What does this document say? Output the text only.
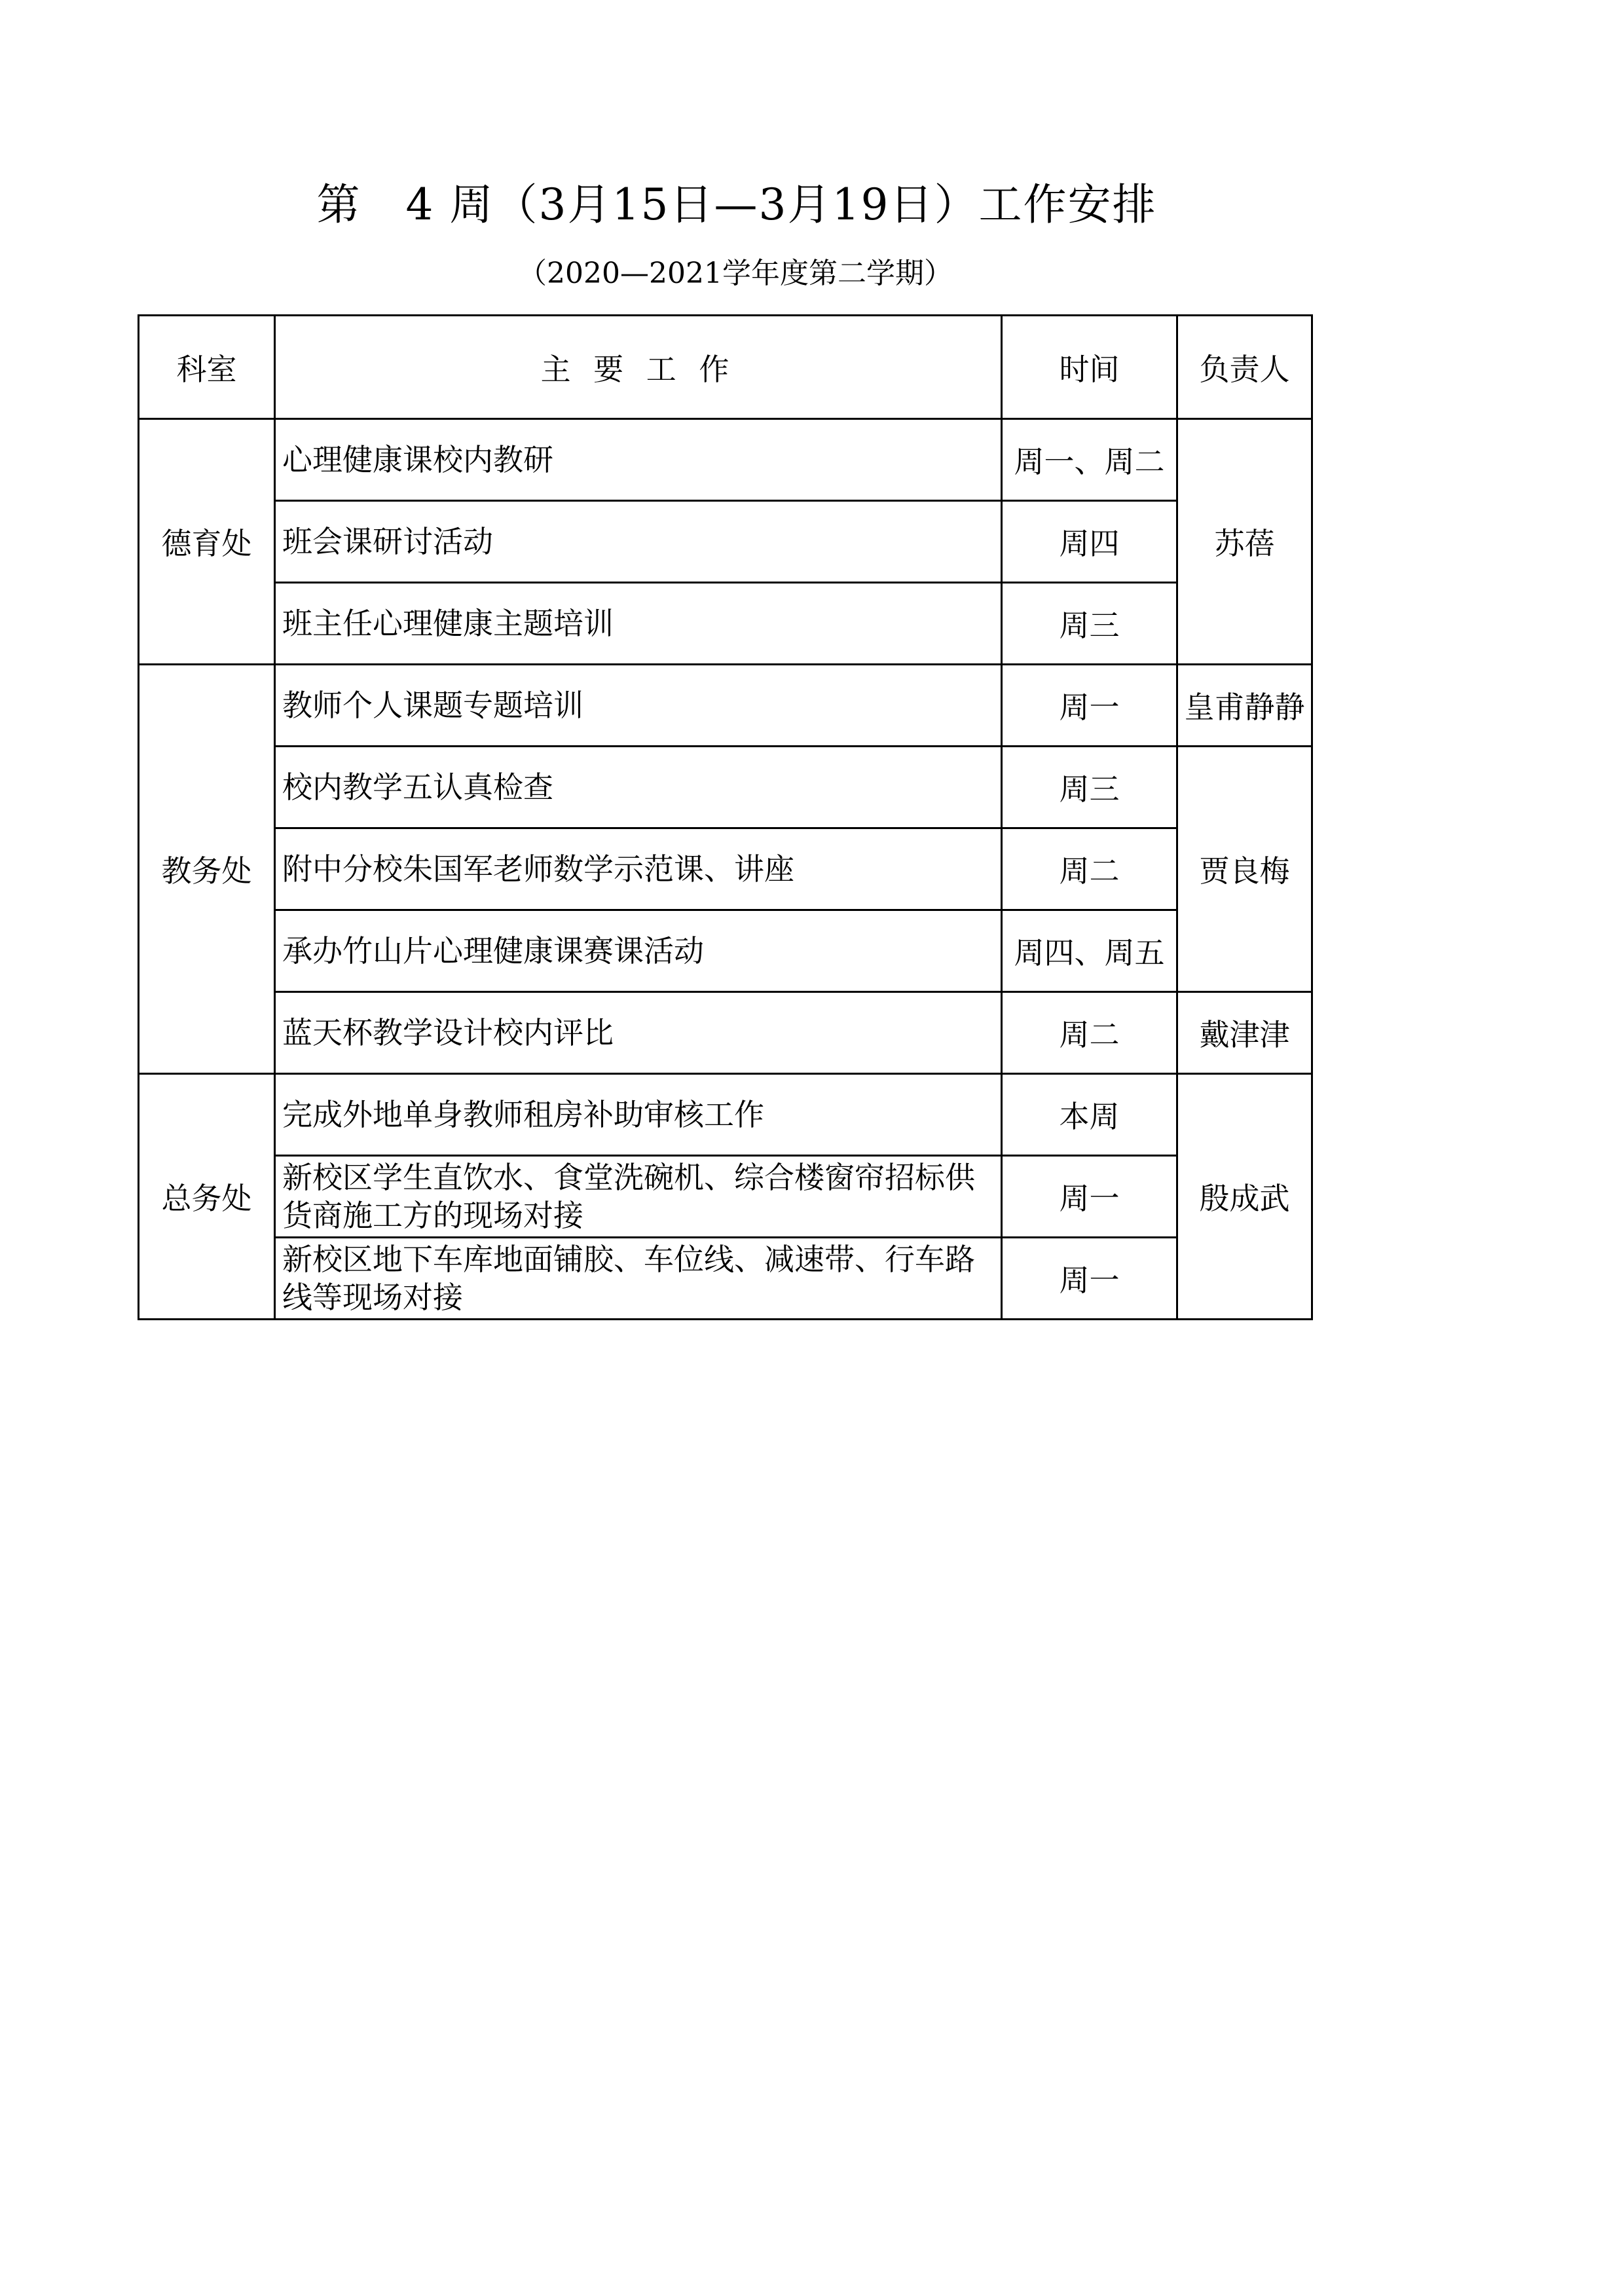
第　4 周（3月15日—3月19日）工作安排
（2020—2021学年度第二学期）
科室	主 要 工 作	时间	负责人
德育处	心理健康课校内教研	周一、周二	苏蓓
	班会课研讨活动	周四	
	班主任心理健康主题培训	周三	
教务处	教师个人课题专题培训	周一	皇甫静静
	校内教学五认真检查	周三	贾良梅
	附中分校朱国军老师数学示范课、讲座	周二	
	承办竹山片心理健康课赛课活动	周四、周五	
	蓝天杯教学设计校内评比	周二	戴津津
总务处	完成外地单身教师租房补助审核工作	本周	殷成武
	新校区学生直饮水、食堂洗碗机、综合楼窗帘招标供货商施工方的现场对接	周一	
	新校区地下车库地面铺胶、车位线、减速带、行车路线等现场对接	周一	
